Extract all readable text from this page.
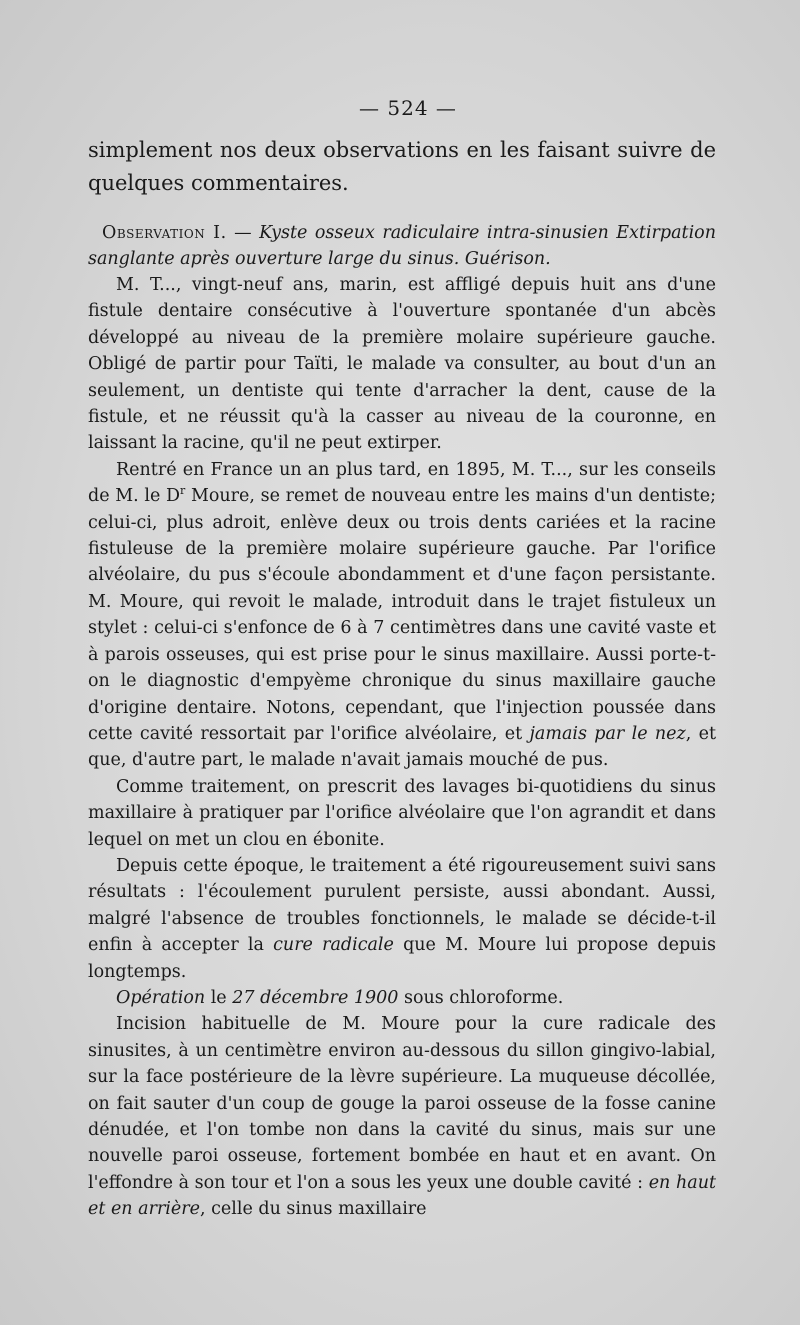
— 524 —

simplement nos deux observations en les faisant suivre de quelques commentaires.

Observation I. — Kyste osseux radiculaire intra-sinusien Extirpation sanglante après ouverture large du sinus. Guérison.

M. T..., vingt-neuf ans, marin, est affligé depuis huit ans d'une fistule dentaire consécutive à l'ouverture spontanée d'un abcès développé au niveau de la première molaire supérieure gauche. Obligé de partir pour Taïti, le malade va consulter, au bout d'un an seulement, un dentiste qui tente d'arracher la dent, cause de la fistule, et ne réussit qu'à la casser au niveau de la couronne, en laissant la racine, qu'il ne peut extirper.

Rentré en France un an plus tard, en 1895, M. T..., sur les conseils de M. le $D^r$ Moure, se remet de nouveau entre les mains d'un dentiste; celui-ci, plus adroit, enlève deux ou trois dents cariées et la racine fistuleuse de la première molaire supérieure gauche. Par l'orifice alvéolaire, du pus s'écoule abondamment et d'une façon persistante. M. Moure, qui revoit le malade, introduit dans le trajet fistuleux un stylet : celui-ci s'enfonce de 6 à 7 centimètres dans une cavité vaste et à parois osseuses, qui est prise pour le sinus maxillaire. Aussi porte-t-on le diagnostic d'empyème chronique du sinus maxillaire gauche d'origine dentaire. Notons, cependant, que l'injection poussée dans cette cavité ressortait par l'orifice alvéolaire, et jamais par le nez, et que, d'autre part, le malade n'avait jamais mouché de pus.

Comme traitement, on prescrit des lavages bi-quotidiens du sinus maxillaire à pratiquer par l'orifice alvéolaire que l'on agrandit et dans lequel on met un clou en ébonite.

Depuis cette époque, le traitement a été rigoureusement suivi sans résultats : l'écoulement purulent persiste, aussi abondant. Aussi, malgré l'absence de troubles fonctionnels, le malade se décide-t-il enfin à accepter la cure radicale que M. Moure lui propose depuis longtemps.

Opération le 27 décembre 1900 sous chloroforme.

Incision habituelle de M. Moure pour la cure radicale des sinusites, à un centimètre environ au-dessous du sillon gingivo-labial, sur la face postérieure de la lèvre supérieure. La muqueuse décollée, on fait sauter d'un coup de gouge la paroi osseuse de la fosse canine dénudée, et l'on tombe non dans la cavité du sinus, mais sur une nouvelle paroi osseuse, fortement bombée en haut et en avant. On l'effondre à son tour et l'on a sous les yeux une double cavité : en haut et en arrière, celle du sinus maxillaire
